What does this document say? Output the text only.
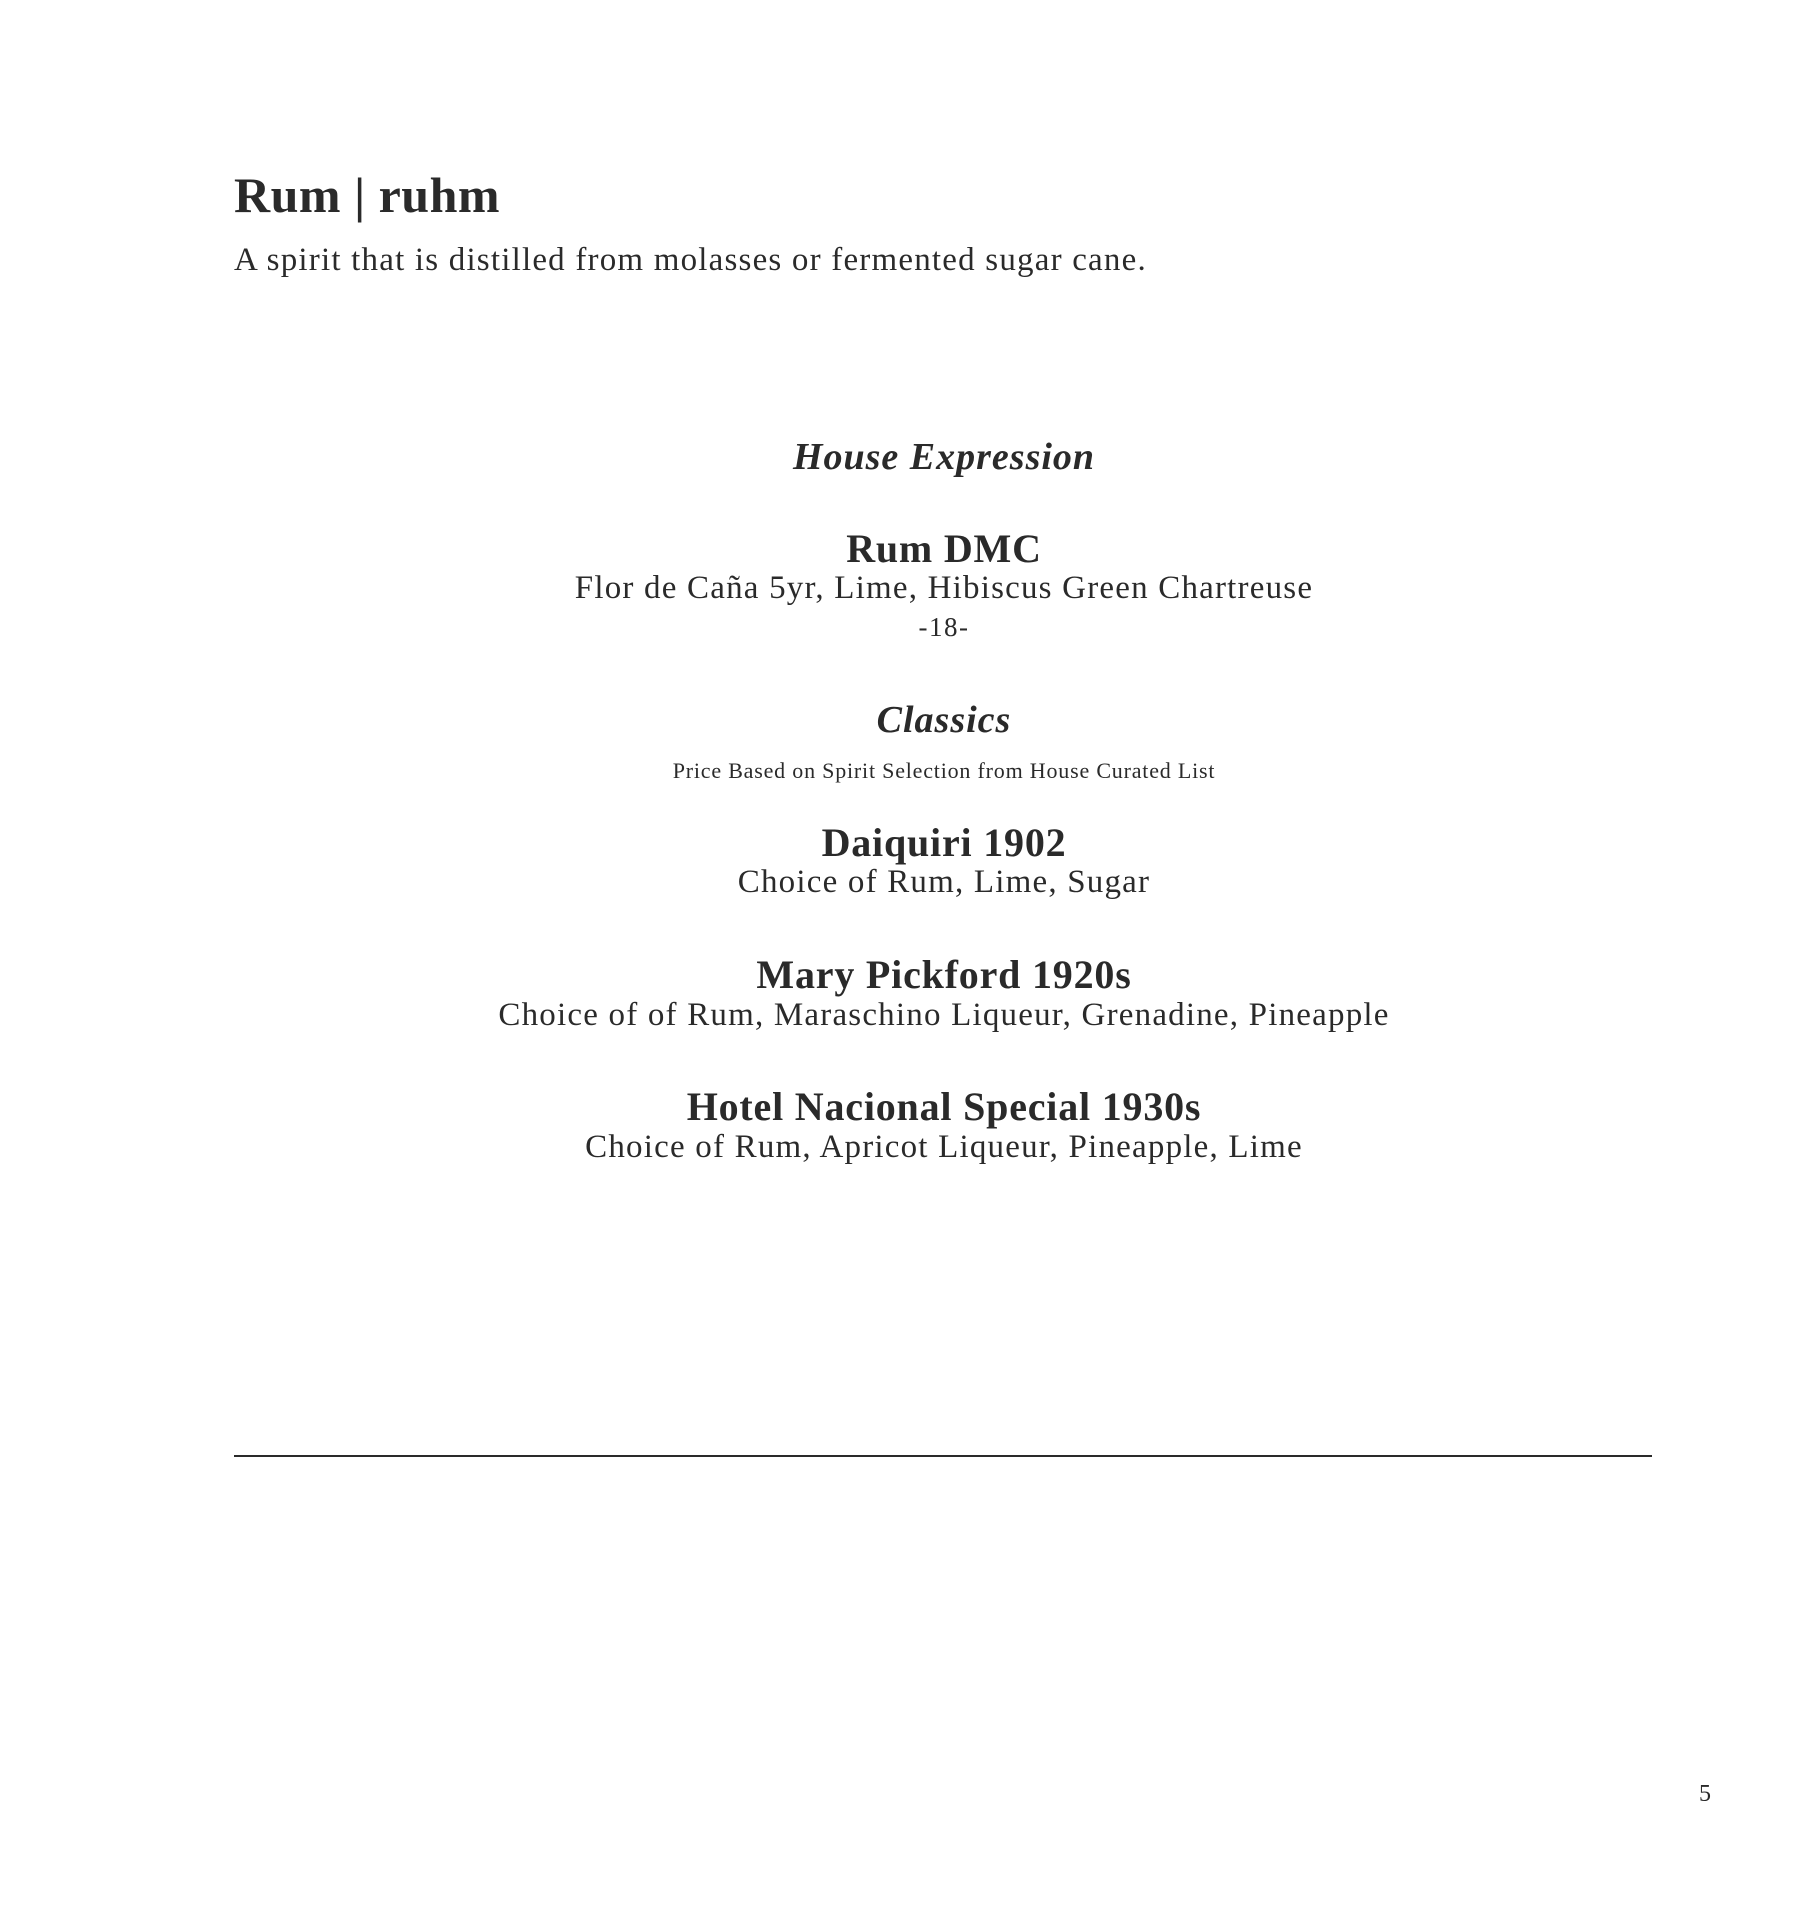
Rum | ruhm

A spirit that is distilled from molasses or fermented sugar cane.

House Expression
Rum DMC

Flor de Caña 5yr, Lime, Hibiscus Green Chartreuse

-18-

Classics

Price Based on Spirit Selection from House Curated List

Daiquiri 1902

Choice of Rum, Lime, Sugar

Mary Pickford 1920s

Choice of of Rum, Maraschino Liqueur, Grenadine, Pineapple

Hotel Nacional Special 1930s

Choice of Rum, Apricot Liqueur, Pineapple, Lime

5
